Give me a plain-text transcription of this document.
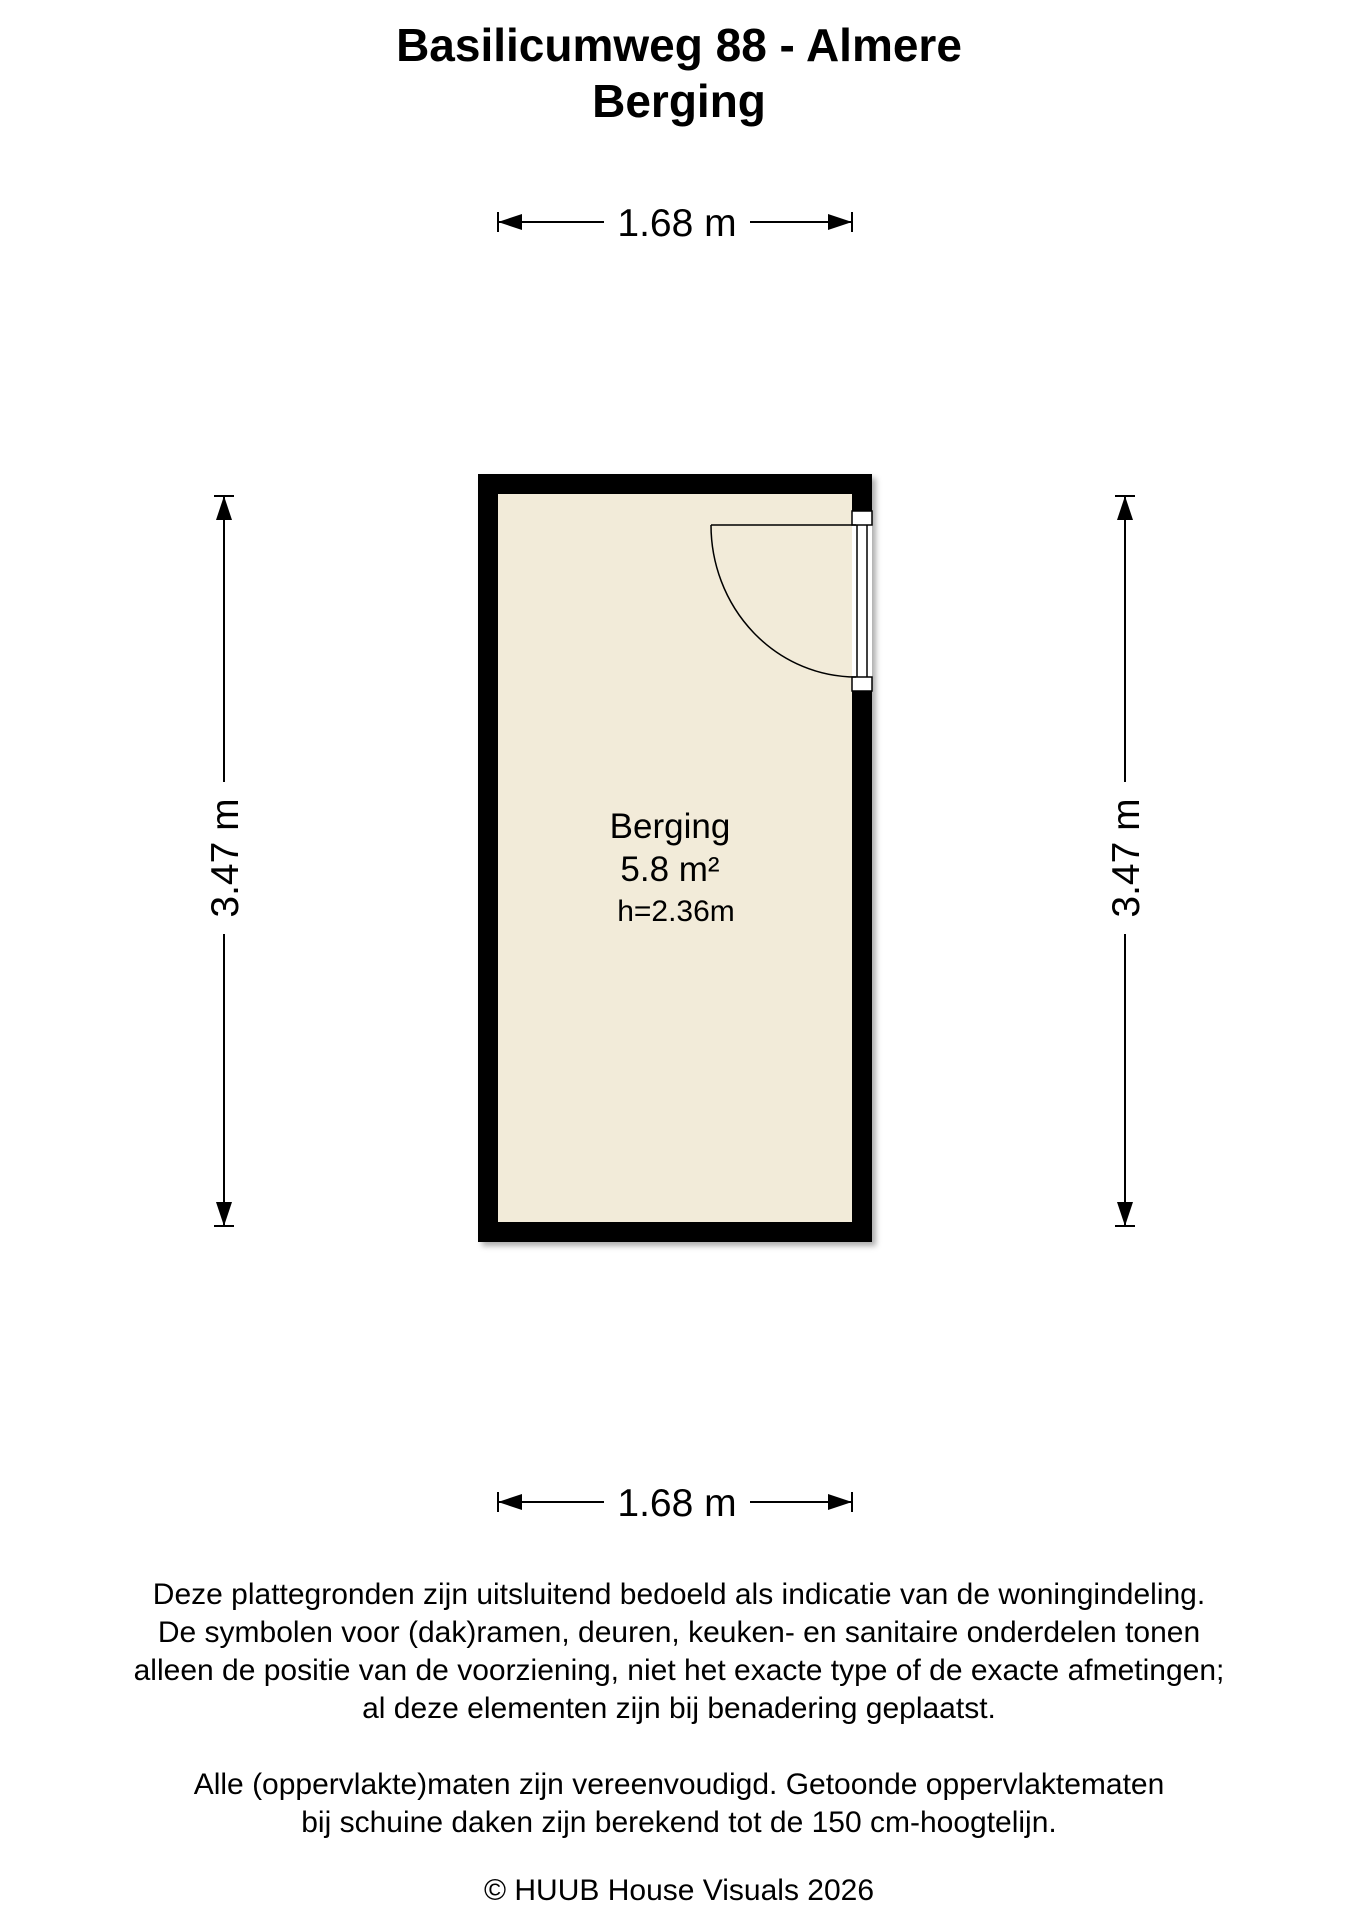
Basilicumweg 88 - Almere
Berging
1.68 m
1.68 m
3.47 m	3.47 m
Berging
5.8 m²
h=2.36m
Deze plattegronden zijn uitsluitend bedoeld als indicatie van de woningindeling.
De symbolen voor (dak)ramen, deuren, keuken- en sanitaire onderdelen tonen
alleen de positie van de voorziening, niet het exacte type of de exacte afmetingen;
al deze elementen zijn bij benadering geplaatst.
Alle (oppervlakte)maten zijn vereenvoudigd. Getoonde oppervlaktematen
bij schuine daken zijn berekend tot de 150 cm-hoogtelijn.
© HUUB House Visuals 2026
